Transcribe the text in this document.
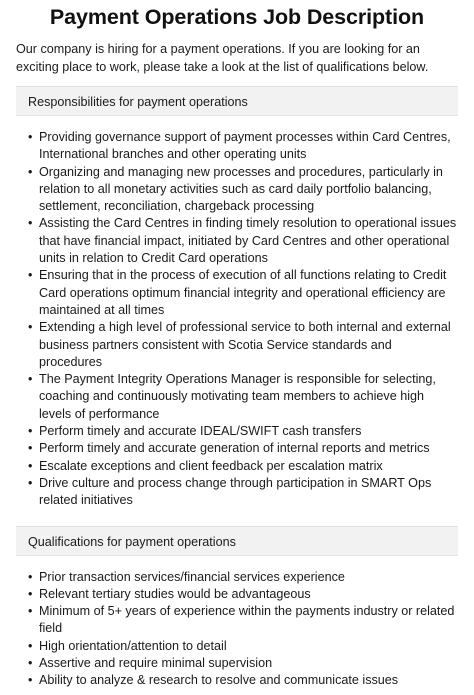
Payment Operations Job Description

Our company is hiring for a payment operations. If you are looking for an exciting place to work, please take a look at the list of qualifications below.

Responsibilities for payment operations
• Providing governance support of payment processes within Card Centres, International branches and other operating units
• Organizing and managing new processes and procedures, particularly in relation to all monetary activities such as card daily portfolio balancing, settlement, reconciliation, chargeback processing
• Assisting the Card Centres in finding timely resolution to operational issues that have financial impact, initiated by Card Centres and other operational units in relation to Credit Card operations
• Ensuring that in the process of execution of all functions relating to Credit Card operations optimum financial integrity and operational efficiency are maintained at all times
• Extending a high level of professional service to both internal and external business partners consistent with Scotia Service standards and procedures
• The Payment Integrity Operations Manager is responsible for selecting, coaching and continuously motivating team members to achieve high levels of performance
• Perform timely and accurate IDEAL/SWIFT cash transfers
• Perform timely and accurate generation of internal reports and metrics
• Escalate exceptions and client feedback per escalation matrix
• Drive culture and process change through participation in SMART Ops related initiatives
Qualifications for payment operations
• Prior transaction services/financial services experience
• Relevant tertiary studies would be advantageous
• Minimum of 5+ years of experience within the payments industry or related field
• High orientation/attention to detail
• Assertive and require minimal supervision
• Ability to analyze & research to resolve and communicate issues
